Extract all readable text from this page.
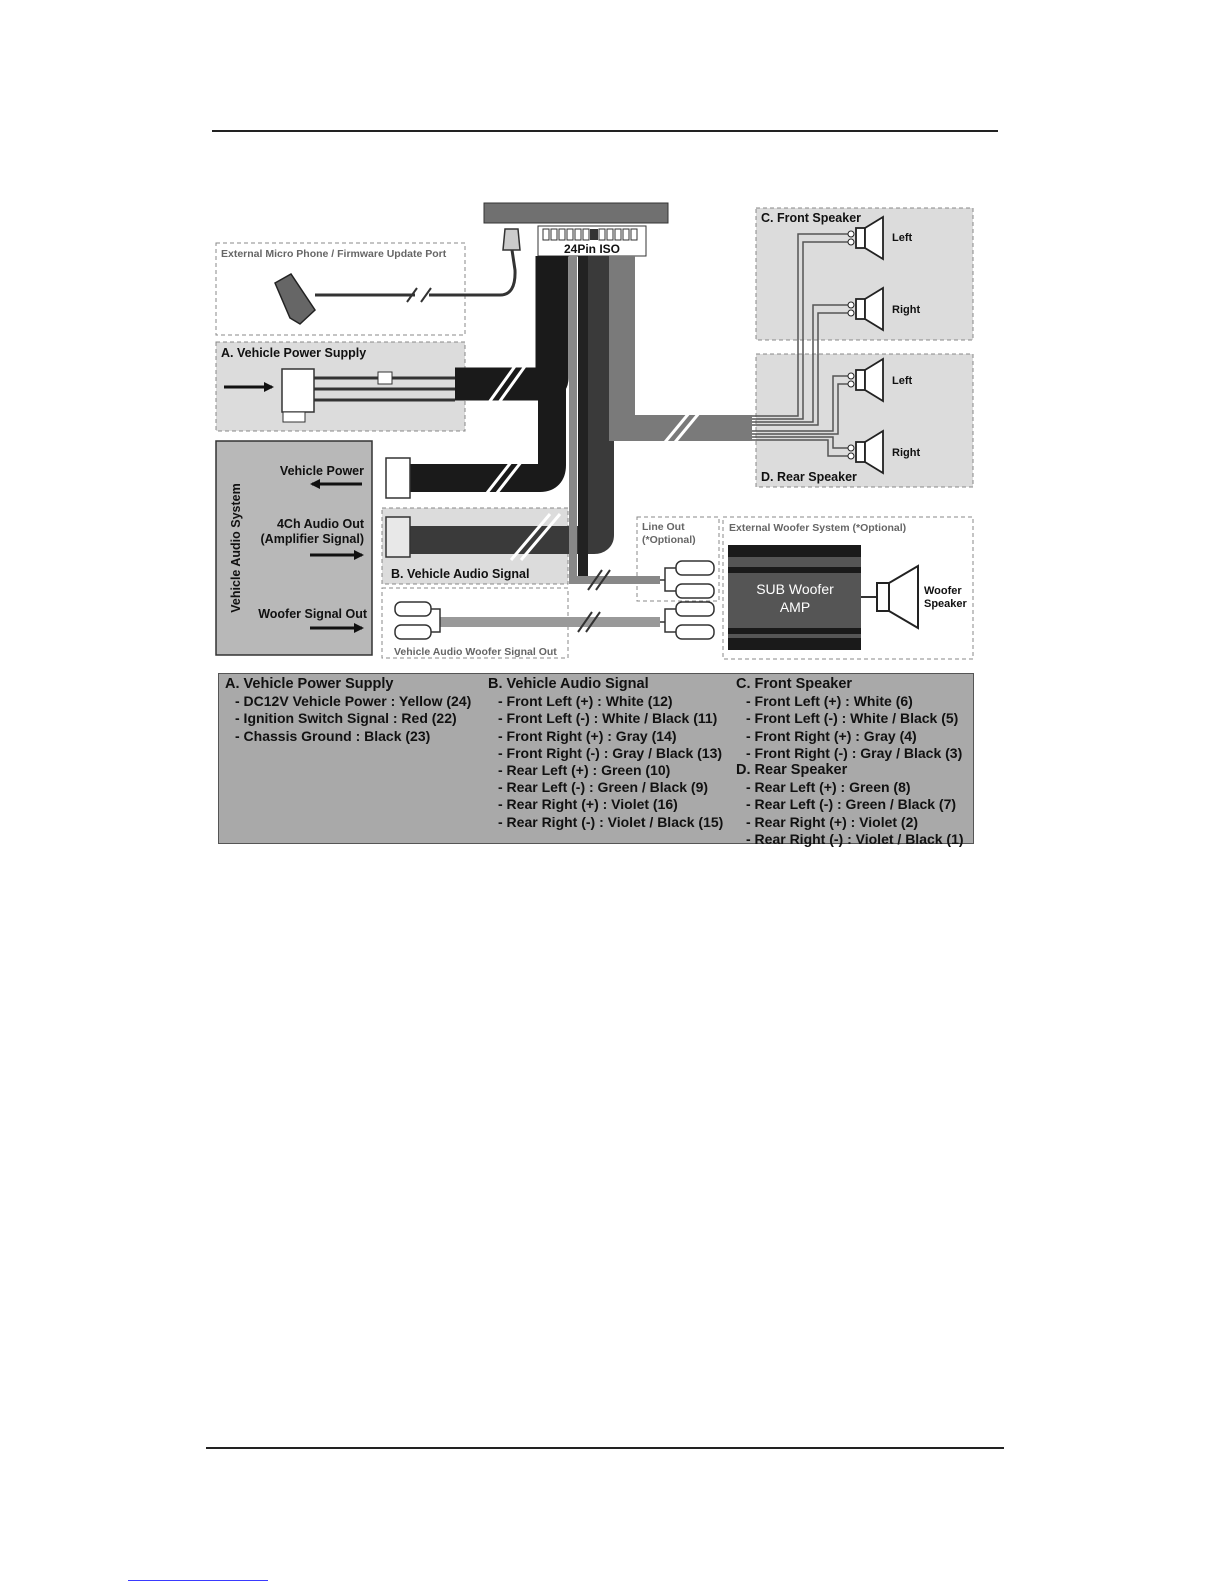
24Pin ISO
SUB Woofer
AMP
Woofer
Speaker
External Micro Phone / Firmware Update Port
A. Vehicle Power Supply
Vehicle Audio System
Vehicle Power
4Ch Audio Out
(Amplifier Signal)
Woofer Signal Out
B. Vehicle Audio Signal
Vehicle Audio Woofer Signal Out
Line Out
(*Optional)
External Woofer System (*Optional)
C. Front Speaker
D. Rear Speaker
Left
Right
Left
Right
A. Vehicle Power Supply
- DC12V Vehicle Power : Yellow (24)
- Ignition Switch Signal : Red (22)
- Chassis Ground : Black (23)
B. Vehicle Audio Signal
- Front Left (+) : White (12)
- Front Left (-) : White / Black (11)
- Front Right (+) : Gray (14)
- Front Right (-) : Gray / Black (13)
- Rear Left (+) : Green (10)
- Rear Left (-) : Green / Black (9)
- Rear Right (+) : Violet (16)
- Rear Right (-) : Violet / Black (15)
C. Front Speaker
- Front Left (+) : White (6)
- Front Left (-) : White / Black (5)
- Front Right (+) : Gray (4)
- Front Right (-) : Gray / Black (3)
D. Rear Speaker
- Rear Left (+) : Green (8)
- Rear Left (-) : Green / Black (7)
- Rear Right (+) : Violet (2)
- Rear Right (-) : Violet / Black (1)
